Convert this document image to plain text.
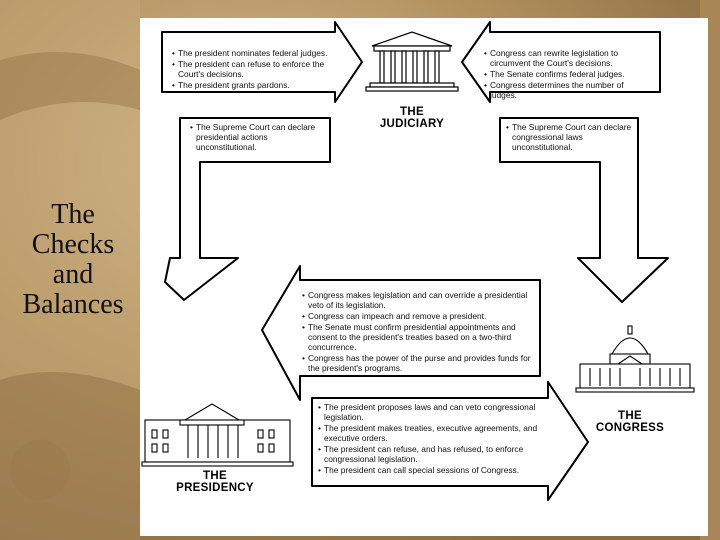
The
Checks
and
Balances
THE
JUDICIARY
THE
CONGRESS
THE
PRESIDENCY
• The president nominates federal judges.
• The president can refuse to enforce the Court's decisions.
• The president grants pardons.
• The Supreme Court can declare presidential actions unconstitutional.
• Congress can rewrite legislation to circumvent the Court's decisions.
• The Senate confirms federal judges.
• Congress determines the number of judges.
• The Supreme Court can declare congressional laws unconstitutional.
• Congress makes legislation and can override a presidential veto of its legislation.
• Congress can impeach and remove a president.
• The Senate must confirm presidential appointments and consent to the president's treaties based on a two-third concurrence.
• Congress has the power of the purse and provides funds for the president's programs.
• The president proposes laws and can veto congressional legislation.
• The president makes treaties, executive agreements, and executive orders.
• The president can refuse, and has refused, to enforce congressional legislation.
• The president can call special sessions of Congress.
